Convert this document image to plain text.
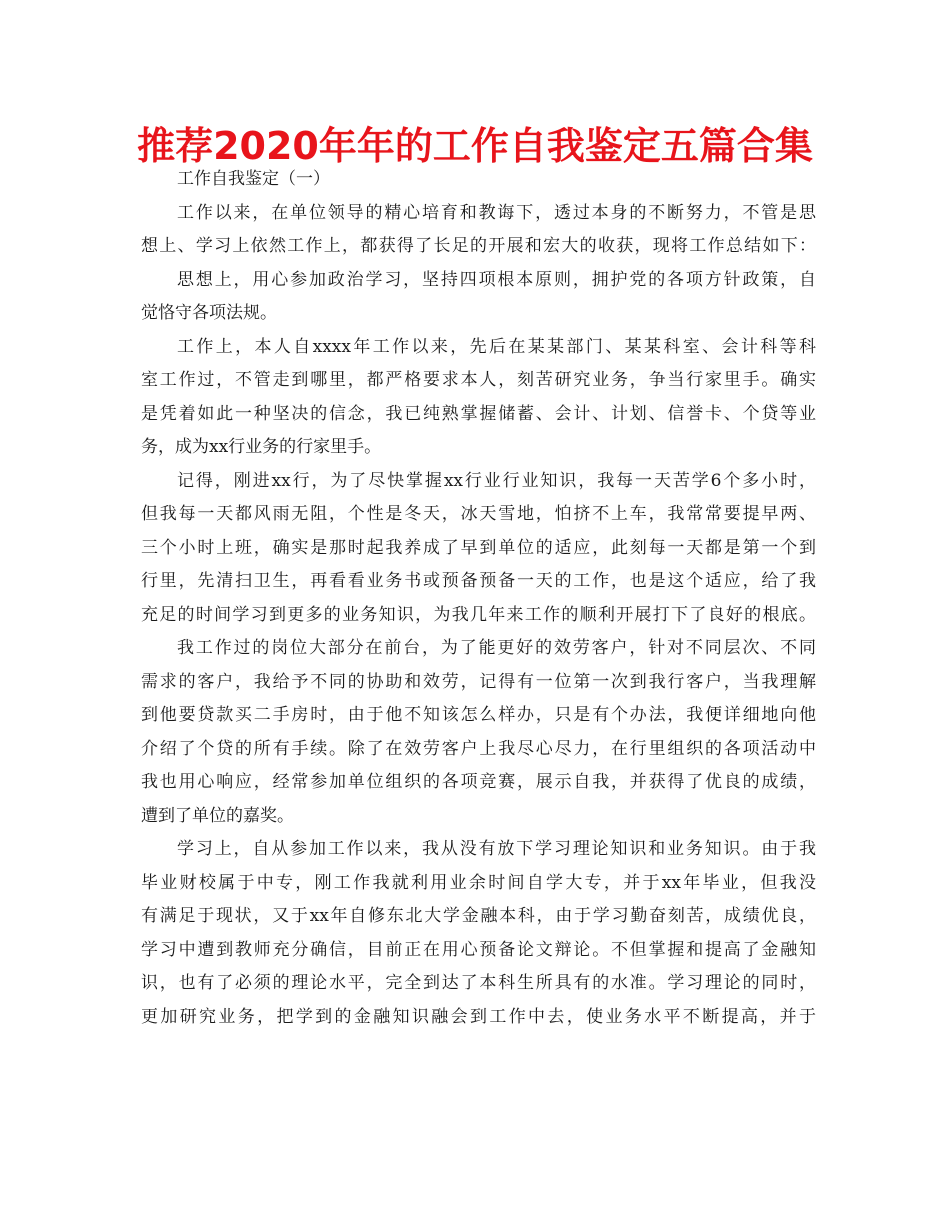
推荐2020年年的工作自我鉴定五篇合集
工作自我鉴定（一）
工作以来，在单位领导的精心培育和教诲下，透过本身的不断努力，不管是思
想上、学习上依然工作上，都获得了长足的开展和宏大的收获，现将工作总结如下：
思想上，用心参加政治学习，坚持四项根本原则，拥护党的各项方针政策，自
觉恪守各项法规。
工作上，本人自xxxx年工作以来，先后在某某部门、某某科室、会计科等科
室工作过，不管走到哪里，都严格要求本人，刻苦研究业务，争当行家里手。确实
是凭着如此一种坚决的信念，我已纯熟掌握储蓄、会计、计划、信誉卡、个贷等业
务，成为xx行业务的行家里手。
记得，刚进xx行，为了尽快掌握xx行业行业知识，我每一天苦学6个多小时，
但我每一天都风雨无阻，个性是冬天，冰天雪地，怕挤不上车，我常常要提早两、
三个小时上班，确实是那时起我养成了早到单位的适应，此刻每一天都是第一个到
行里，先清扫卫生，再看看业务书或预备预备一天的工作，也是这个适应，给了我
充足的时间学习到更多的业务知识，为我几年来工作的顺利开展打下了良好的根底。
我工作过的岗位大部分在前台，为了能更好的效劳客户，针对不同层次、不同
需求的客户，我给予不同的协助和效劳，记得有一位第一次到我行客户，当我理解
到他要贷款买二手房时，由于他不知该怎么样办，只是有个办法，我便详细地向他
介绍了个贷的所有手续。除了在效劳客户上我尽心尽力，在行里组织的各项活动中
我也用心响应，经常参加单位组织的各项竞赛，展示自我，并获得了优良的成绩，
遭到了单位的嘉奖。
学习上，自从参加工作以来，我从没有放下学习理论知识和业务知识。由于我
毕业财校属于中专，刚工作我就利用业余时间自学大专，并于xx年毕业，但我没
有满足于现状，又于xx年自修东北大学金融本科，由于学习勤奋刻苦，成绩优良，
学习中遭到教师充分确信，目前正在用心预备论文辩论。不但掌握和提高了金融知
识，也有了必须的理论水平，完全到达了本科生所具有的水准。学习理论的同时，
更加研究业务，把学到的金融知识融会到工作中去，使业务水平不断提高，并于
